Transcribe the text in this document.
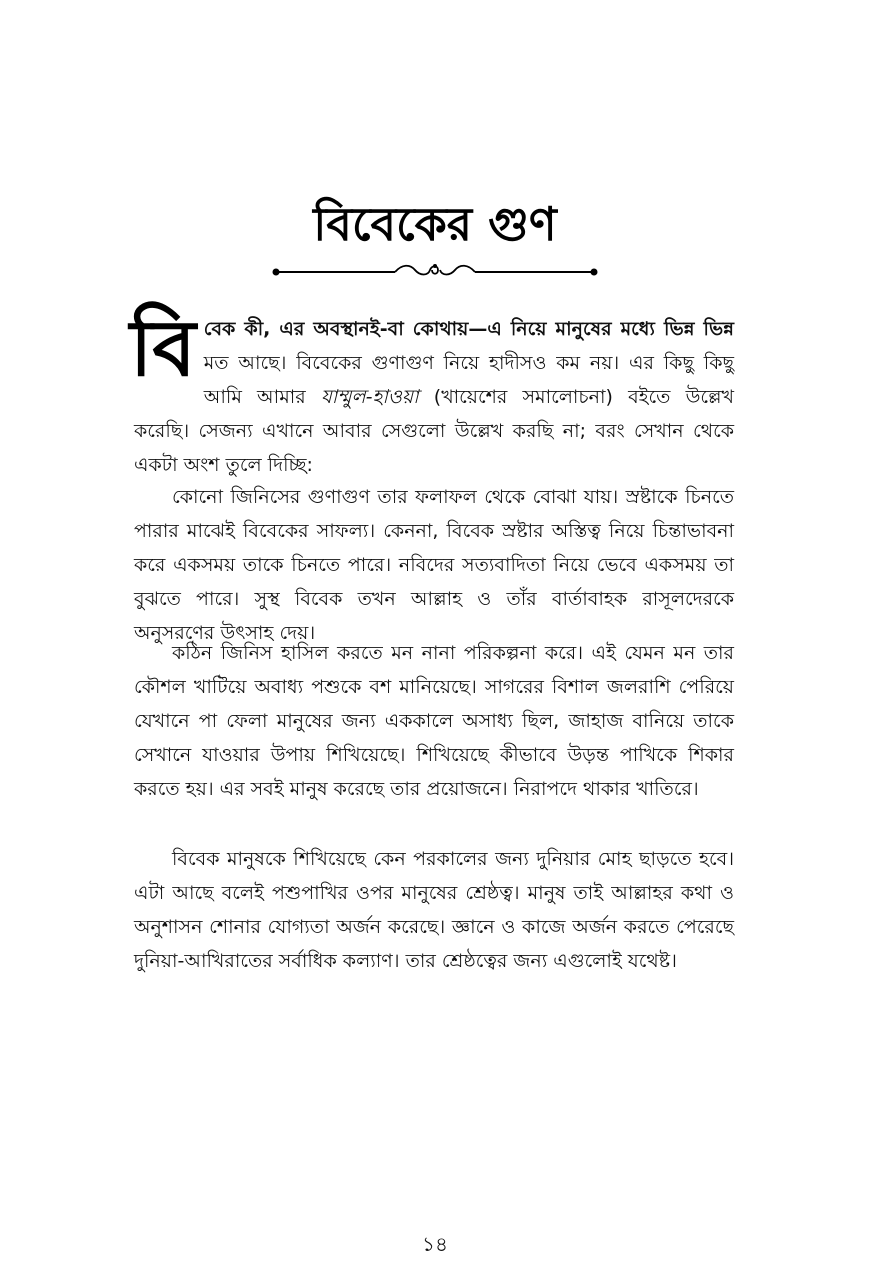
বিবেকের গুণ
বিবেক কী, এর অবস্থানই-বা কোথায়—এ নিয়ে মানুষের মধ্যে ভিন্ন ভিন্ন মত আছে। বিবেকের গুণাগুণ নিয়ে হাদীসও কম নয়। এর কিছু কিছু আমি আমার যাম্মুল-হাওয়া (খায়েশের সমালোচনা) বইতে উল্লেখ করেছি। সেজন্য এখানে আবার সেগুলো উল্লেখ করছি না; বরং সেখান থেকে একটা অংশ তুলে দিচ্ছি:

কোনো জিনিসের গুণাগুণ তার ফলাফল থেকে বোঝা যায়। স্রষ্টাকে চিনতে পারার মাঝেই বিবেকের সাফল্য। কেননা, বিবেক স্রষ্টার অস্তিত্ব নিয়ে চিন্তাভাবনা করে একসময় তাকে চিনতে পারে। নবিদের সত্যবাদিতা নিয়ে ভেবে একসময় তা বুঝতে পারে। সুস্থ বিবেক তখন আল্লাহ ও তাঁর বার্তাবাহক রাসূলদেরকে অনুসরণের উৎসাহ দেয়।

কঠিন জিনিস হাসিল করতে মন নানা পরিকল্পনা করে। এই যেমন মন তার কৌশল খাটিয়ে অবাধ্য পশুকে বশ মানিয়েছে। সাগরের বিশাল জলরাশি পেরিয়ে যেখানে পা ফেলা মানুষের জন্য এককালে অসাধ্য ছিল, জাহাজ বানিয়ে তাকে সেখানে যাওয়ার উপায় শিখিয়েছে। শিখিয়েছে কীভাবে উড়ন্ত পাখিকে শিকার করতে হয়। এর সবই মানুষ করেছে তার প্রয়োজনে। নিরাপদে থাকার খাতিরে।

বিবেক মানুষকে শিখিয়েছে কেন পরকালের জন্য দুনিয়ার মোহ ছাড়তে হবে। এটা আছে বলেই পশুপাখির ওপর মানুষের শ্রেষ্ঠত্ব। মানুষ তাই আল্লাহর কথা ও অনুশাসন শোনার যোগ্যতা অর্জন করেছে। জ্ঞানে ও কাজে অর্জন করতে পেরেছে দুনিয়া-আখিরাতের সর্বাধিক কল্যাণ। তার শ্রেষ্ঠত্বের জন্য এগুলোই যথেষ্ট।

১৪
